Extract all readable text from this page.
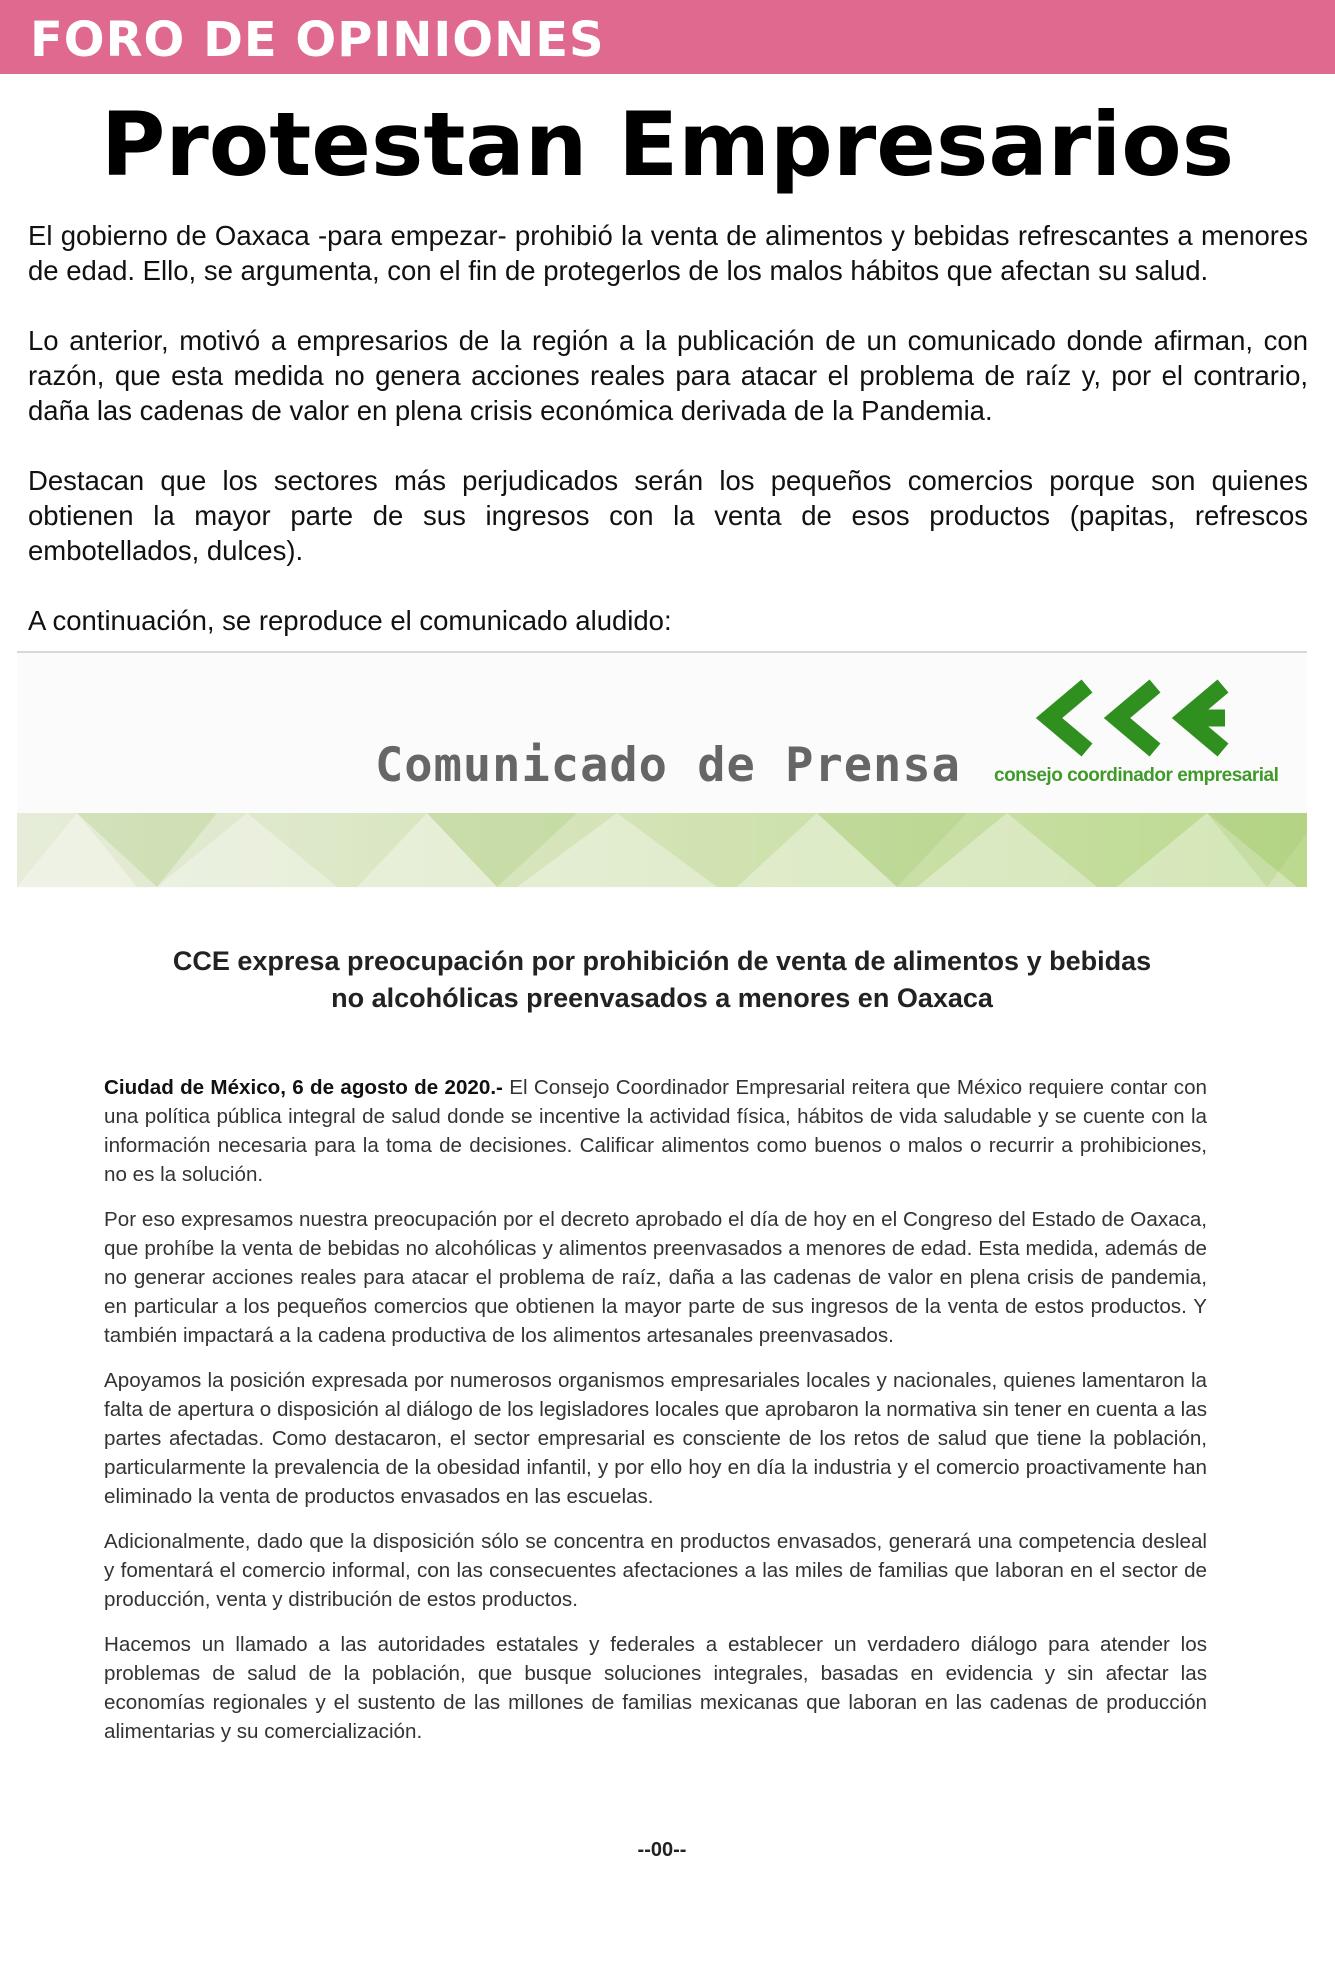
FORO DE OPINIONES
Protestan Empresarios

El gobierno de Oaxaca -para empezar- prohibió la venta de alimentos y bebidas refrescantes a menores de edad. Ello, se argumenta, con el fin de protegerlos de los malos hábitos que afectan su salud.

Lo anterior, motivó a empresarios de la región a la publicación de un comunicado donde afirman, con razón, que esta medida no genera acciones reales para atacar el problema de raíz y, por el contrario, daña las cadenas de valor en plena crisis económica derivada de la Pandemia.

Destacan que los sectores más perjudicados serán los pequeños comercios porque son quienes obtienen la mayor parte de sus ingresos con la venta de esos productos (papitas, refrescos embotellados, dulces).

A continuación, se reproduce el comunicado aludido:

Comunicado de Prensa
CCE
consejo coordinador empresarial
CCE expresa preocupación por prohibición de venta de alimentos y bebidas
no alcohólicas preenvasados a menores en Oaxaca

Ciudad de México, 6 de agosto de 2020.- El Consejo Coordinador Empresarial reitera que México requiere contar con una política pública integral de salud donde se incentive la actividad física, hábitos de vida saludable y se cuente con la información necesaria para la toma de decisiones. Calificar alimentos como buenos o malos o recurrir a prohibiciones, no es la solución.

Por eso expresamos nuestra preocupación por el decreto aprobado el día de hoy en el Congreso del Estado de Oaxaca, que prohíbe la venta de bebidas no alcohólicas y alimentos preenvasados a menores de edad. Esta medida, además de no generar acciones reales para atacar el problema de raíz, daña a las cadenas de valor en plena crisis de pandemia, en particular a los pequeños comercios que obtienen la mayor parte de sus ingresos de la venta de estos productos. Y también impactará a la cadena productiva de los alimentos artesanales preenvasados.

Apoyamos la posición expresada por numerosos organismos empresariales locales y nacionales, quienes lamentaron la falta de apertura o disposición al diálogo de los legisladores locales que aprobaron la normativa sin tener en cuenta a las partes afectadas. Como destacaron, el sector empresarial es consciente de los retos de salud que tiene la población, particularmente la prevalencia de la obesidad infantil, y por ello hoy en día la industria y el comercio proactivamente han eliminado la venta de productos envasados en las escuelas.

Adicionalmente, dado que la disposición sólo se concentra en productos envasados, generará una competencia desleal y fomentará el comercio informal, con las consecuentes afectaciones a las miles de familias que laboran en el sector de producción, venta y distribución de estos productos.

Hacemos un llamado a las autoridades estatales y federales a establecer un verdadero diálogo para atender los problemas de salud de la población, que busque soluciones integrales, basadas en evidencia y sin afectar las economías regionales y el sustento de las millones de familias mexicanas que laboran en las cadenas de producción alimentarias y su comercialización.

--00--
